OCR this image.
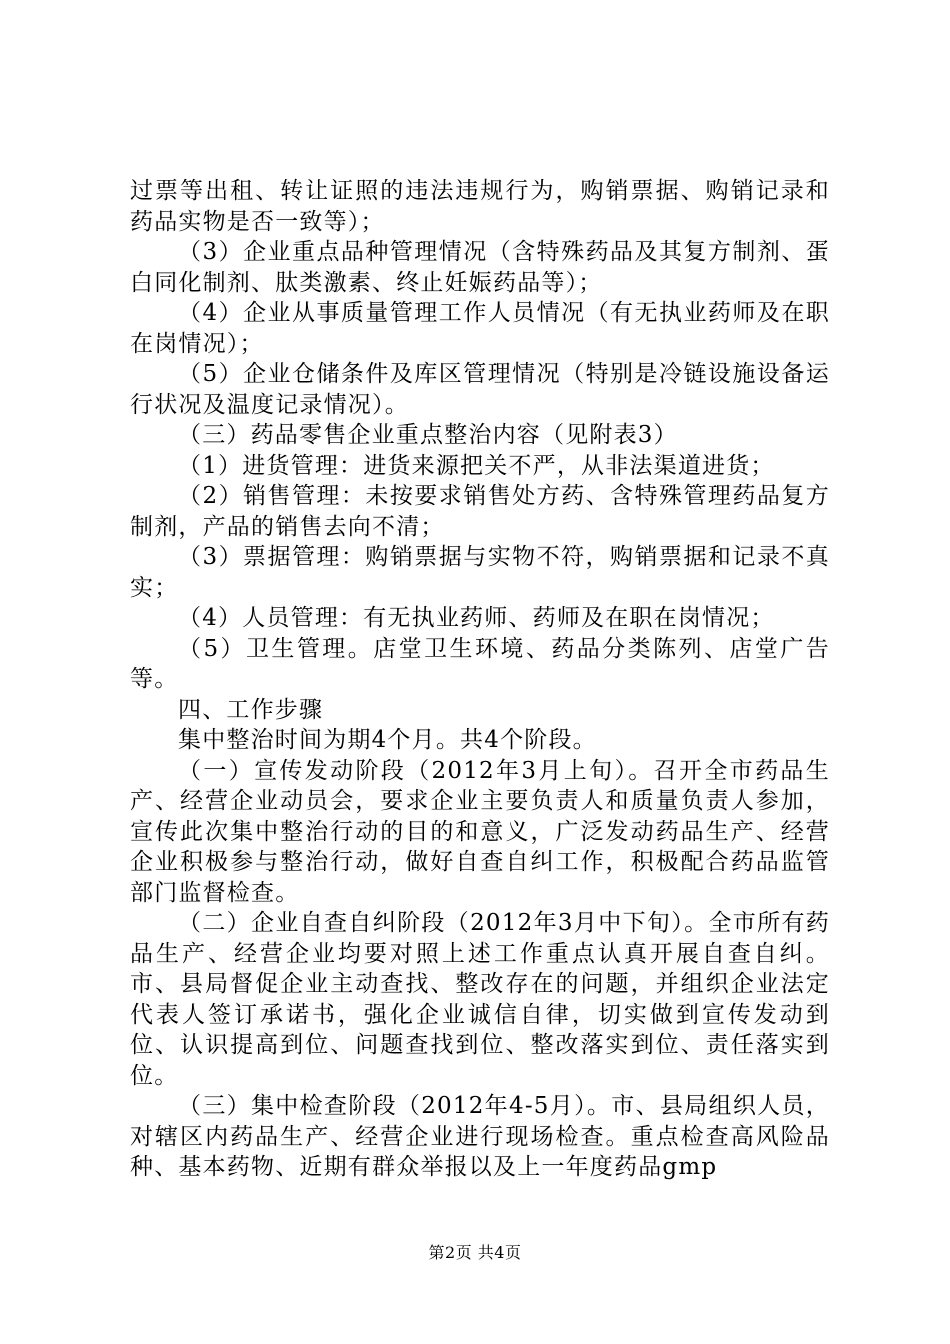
过票等出租、转让证照的违法违规行为，购销票据、购销记录和药品实物是否一致等）；

（3）企业重点品种管理情况（含特殊药品及其复方制剂、蛋白同化制剂、肽类激素、终止妊娠药品等）；

（4）企业从事质量管理工作人员情况（有无执业药师及在职在岗情况）；

（5）企业仓储条件及库区管理情况（特别是冷链设施设备运行状况及温度记录情况）。

（三）药品零售企业重点整治内容（见附表3）

（1）进货管理：进货来源把关不严，从非法渠道进货；

（2）销售管理：未按要求销售处方药、含特殊管理药品复方制剂，产品的销售去向不清；

（3）票据管理：购销票据与实物不符，购销票据和记录不真实；

（4）人员管理：有无执业药师、药师及在职在岗情况；

（5）卫生管理。店堂卫生环境、药品分类陈列、店堂广告等。

四、工作步骤

集中整治时间为期4个月。共4个阶段。

（一）宣传发动阶段（2012年3月上旬）。召开全市药品生产、经营企业动员会，要求企业主要负责人和质量负责人参加，宣传此次集中整治行动的目的和意义，广泛发动药品生产、经营企业积极参与整治行动，做好自查自纠工作，积极配合药品监管部门监督检查。

（二）企业自查自纠阶段（2012年3月中下旬）。全市所有药品生产、经营企业均要对照上述工作重点认真开展自查自纠。市、县局督促企业主动查找、整改存在的问题，并组织企业法定代表人签订承诺书，强化企业诚信自律，切实做到宣传发动到位、认识提高到位、问题查找到位、整改落实到位、责任落实到位。

（三）集中检查阶段（2012年4-5月）。市、县局组织人员，对辖区内药品生产、经营企业进行现场检查。重点检查高风险品种、基本药物、近期有群众举报以及上一年度药品gmp

第2页 共4页
